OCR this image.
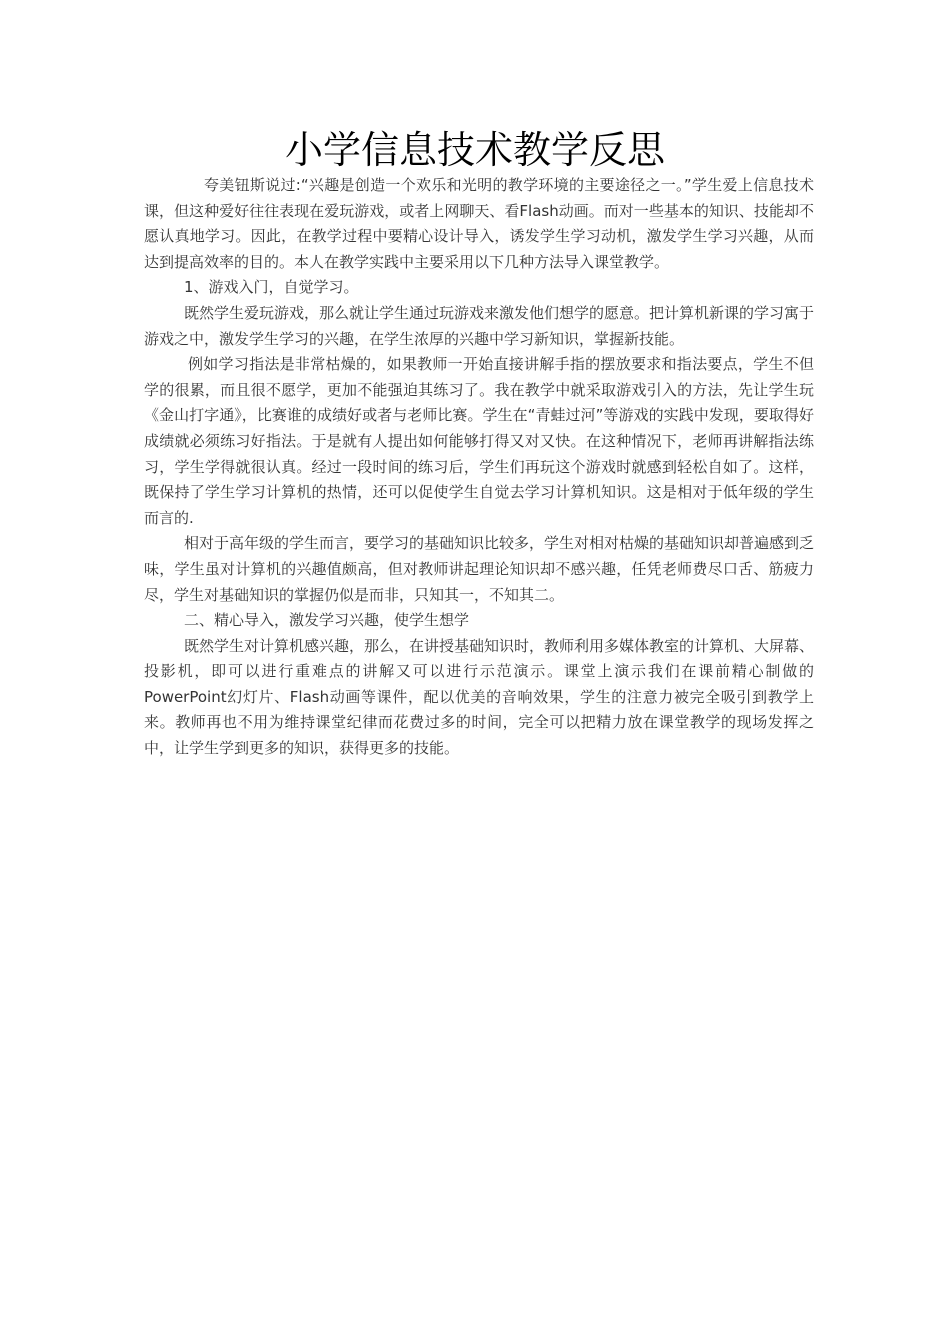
小学信息技术教学反思

夸美钮斯说过:“兴趣是创造一个欢乐和光明的教学环境的主要途径之一。”学生爱上信息技术课，但这种爱好往往表现在爱玩游戏，或者上网聊天、看Flash动画。而对一些基本的知识、技能却不愿认真地学习。因此，在教学过程中要精心设计导入，诱发学生学习动机，激发学生学习兴趣，从而达到提高效率的目的。本人在教学实践中主要采用以下几种方法导入课堂教学。

1、游戏入门，自觉学习。

既然学生爱玩游戏，那么就让学生通过玩游戏来激发他们想学的愿意。把计算机新课的学习寓于游戏之中，激发学生学习的兴趣，在学生浓厚的兴趣中学习新知识，掌握新技能。

例如学习指法是非常枯燥的，如果教师一开始直接讲解手指的摆放要求和指法要点，学生不但学的很累，而且很不愿学，更加不能强迫其练习了。我在教学中就采取游戏引入的方法，先让学生玩《金山打字通》，比赛谁的成绩好或者与老师比赛。学生在“青蛙过河”等游戏的实践中发现，要取得好成绩就必须练习好指法。于是就有人提出如何能够打得又对又快。在这种情况下，老师再讲解指法练习，学生学得就很认真。经过一段时间的练习后，学生们再玩这个游戏时就感到轻松自如了。这样，既保持了学生学习计算机的热情，还可以促使学生自觉去学习计算机知识。这是相对于低年级的学生而言的.

相对于高年级的学生而言，要学习的基础知识比较多，学生对相对枯燥的基础知识却普遍感到乏味，学生虽对计算机的兴趣值颇高，但对教师讲起理论知识却不感兴趣，任凭老师费尽口舌、筋疲力尽，学生对基础知识的掌握仍似是而非，只知其一，不知其二。

二、精心导入，激发学习兴趣，使学生想学

既然学生对计算机感兴趣，那么，在讲授基础知识时，教师利用多媒体教室的计算机、大屏幕、投影机，即可以进行重难点的讲解又可以进行示范演示。课堂上演示我们在课前精心制做的PowerPoint幻灯片、Flash动画等课件，配以优美的音响效果，学生的注意力被完全吸引到教学上来。教师再也不用为维持课堂纪律而花费过多的时间，完全可以把精力放在课堂教学的现场发挥之中，让学生学到更多的知识，获得更多的技能。
